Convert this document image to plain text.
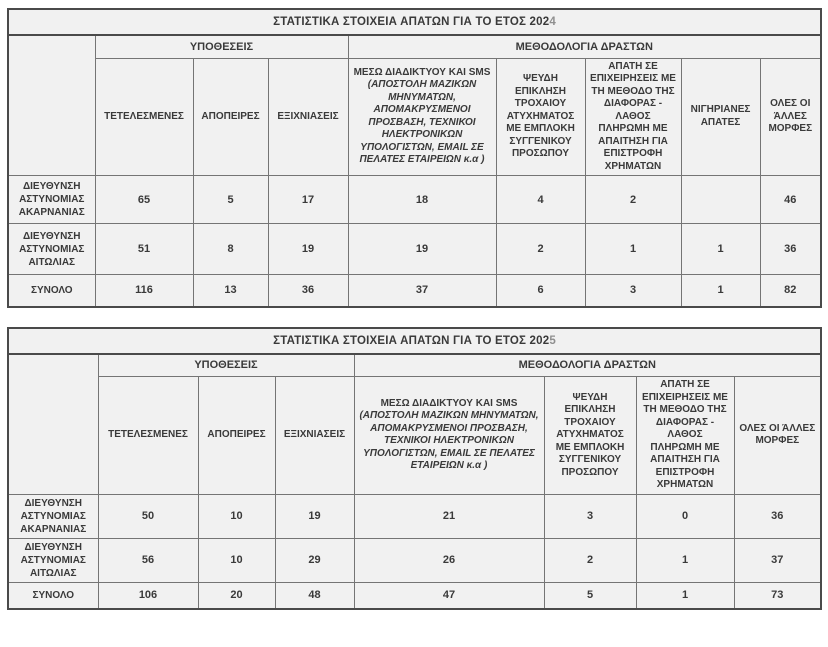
ΣΤΑΤΙΣΤΙΚΑ ΣΤΟΙΧΕΙΑ ΑΠΑΤΩΝ ΓΙΑ ΤΟ ΕΤΟΣ 2024								
	ΥΠΟΘΕΣΕΙΣ			ΜΕΘΟΔΟΛΟΓΙΑ ΔΡΑΣΤΩΝ				
	ΤΕΤΕΛΕΣΜΕΝΕΣ	ΑΠΟΠΕΙΡΕΣ	ΕΞΙΧΝΙΑΣΕΙΣ	ΜΕΣΩ ΔΙΑΔΙΚΤΥΟΥ ΚΑΙ SMS (ΑΠΟΣΤΟΛΗ ΜΑΖΙΚΩΝ ΜΗΝΥΜΑΤΩΝ, ΑΠΟΜΑΚΡΥΣΜΕΝΟΙ ΠΡΟΣΒΑΣΗ, ΤΕΧΝΙΚΟΙ ΗΛΕΚΤΡΟΝΙΚΩΝ ΥΠΟΛΟΓΙΣΤΩΝ, EMAIL ΣΕ ΠΕΛΑΤΕΣ ΕΤΑΙΡΕΙΩΝ κ.α )	ΨΕΥΔΗ ΕΠΙΚΛΗΣΗ ΤΡΟΧΑΙΟΥ ΑΤΥΧΗΜΑΤΟΣ ΜΕ ΕΜΠΛΟΚΗ ΣΥΓΓΕΝΙΚΟΥ ΠΡΟΣΩΠΟΥ	ΑΠΑΤΗ ΣΕ ΕΠΙΧΕΙΡΗΣΕΙΣ ΜΕ ΤΗ ΜΕΘΟΔΟ ΤΗΣ ΔΙΑΦΟΡΑΣ - ΛΑΘΟΣ ΠΛΗΡΩΜΗ ΜΕ ΑΠΑΙΤΗΣΗ ΓΙΑ ΕΠΙΣΤΡΟΦΗ ΧΡΗΜΑΤΩΝ	ΝΙΓΗΡΙΑΝΕΣ ΑΠΑΤΕΣ	ΟΛΕΣ ΟΙ ΆΛΛΕΣ ΜΟΡΦΕΣ
ΔΙΕΥΘΥΝΣΗ ΑΣΤΥΝΟΜΙΑΣ ΑΚΑΡΝΑΝΙΑΣ	65	5	17	18	4	2		46
ΔΙΕΥΘΥΝΣΗ ΑΣΤΥΝΟΜΙΑΣ ΑΙΤΩΛΙΑΣ	51	8	19	19	2	1	1	36
ΣΥΝΟΛΟ	116	13	36	37	6	3	1	82
ΣΤΑΤΙΣΤΙΚΑ ΣΤΟΙΧΕΙΑ ΑΠΑΤΩΝ ΓΙΑ ΤΟ ΕΤΟΣ 2025							
	ΥΠΟΘΕΣΕΙΣ			ΜΕΘΟΔΟΛΟΓΙΑ ΔΡΑΣΤΩΝ			
	ΤΕΤΕΛΕΣΜΕΝΕΣ	ΑΠΟΠΕΙΡΕΣ	ΕΞΙΧΝΙΑΣΕΙΣ	ΜΕΣΩ ΔΙΑΔΙΚΤΥΟΥ ΚΑΙ SMS (ΑΠΟΣΤΟΛΗ ΜΑΖΙΚΩΝ ΜΗΝΥΜΑΤΩΝ, ΑΠΟΜΑΚΡΥΣΜΕΝΟΙ ΠΡΟΣΒΑΣΗ, ΤΕΧΝΙΚΟΙ ΗΛΕΚΤΡΟΝΙΚΩΝ ΥΠΟΛΟΓΙΣΤΩΝ, EMAIL ΣΕ ΠΕΛΑΤΕΣ ΕΤΑΙΡΕΙΩΝ κ.α )	ΨΕΥΔΗ ΕΠΙΚΛΗΣΗ ΤΡΟΧΑΙΟΥ ΑΤΥΧΗΜΑΤΟΣ ΜΕ ΕΜΠΛΟΚΗ ΣΥΓΓΕΝΙΚΟΥ ΠΡΟΣΩΠΟΥ	ΑΠΑΤΗ ΣΕ ΕΠΙΧΕΙΡΗΣΕΙΣ ΜΕ ΤΗ ΜΕΘΟΔΟ ΤΗΣ ΔΙΑΦΟΡΑΣ - ΛΑΘΟΣ ΠΛΗΡΩΜΗ ΜΕ ΑΠΑΙΤΗΣΗ ΓΙΑ ΕΠΙΣΤΡΟΦΗ ΧΡΗΜΑΤΩΝ	ΟΛΕΣ ΟΙ ΆΛΛΕΣ ΜΟΡΦΕΣ
ΔΙΕΥΘΥΝΣΗ ΑΣΤΥΝΟΜΙΑΣ ΑΚΑΡΝΑΝΙΑΣ	50	10	19	21	3	0	36
ΔΙΕΥΘΥΝΣΗ ΑΣΤΥΝΟΜΙΑΣ ΑΙΤΩΛΙΑΣ	56	10	29	26	2	1	37
ΣΥΝΟΛΟ	106	20	48	47	5	1	73
